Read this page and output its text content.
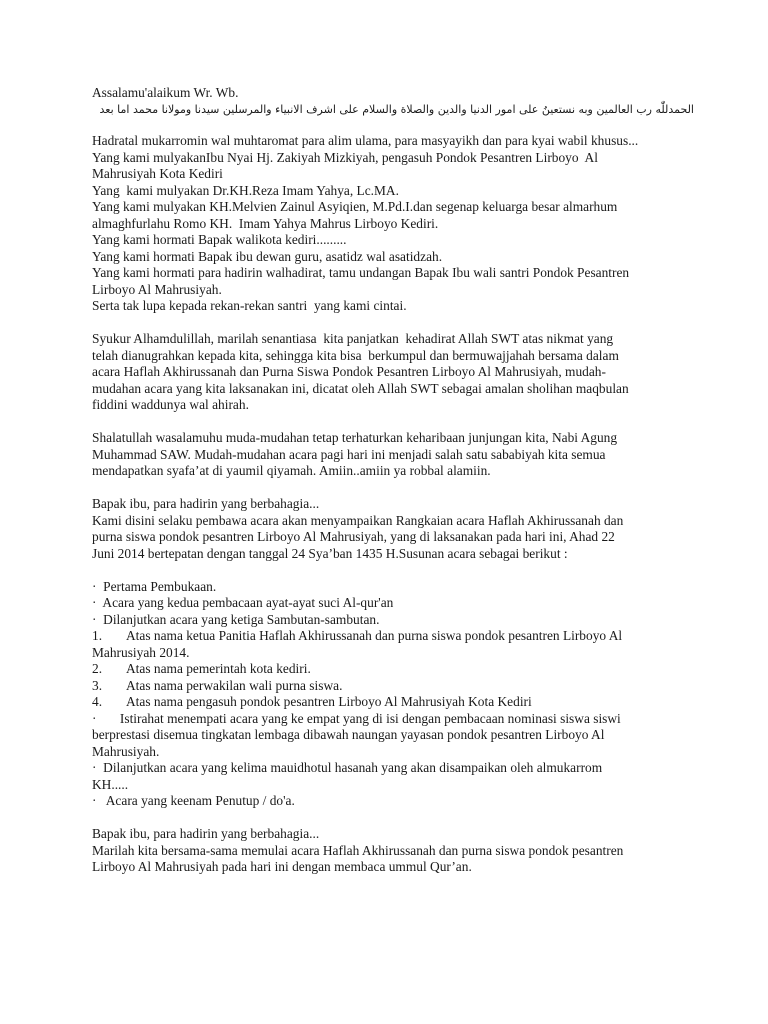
Assalamu'alaikum Wr. Wb.
الحمدللّٰه رب العالمين وبه نستعينُ على امور الدنيا والدين والصلاة والسلام على اشرف الانبياء والمرسلين سيدنا ومولانا محمد اما بعد
Hadratal mukarromin wal muhtaromat para alim ulama, para masyayikh dan para kyai wabil khusus...
Yang kami mulyakanIbu Nyai Hj. Zakiyah Mizkiyah, pengasuh Pondok Pesantren Lirboyo  Al
Mahrusiyah Kota Kediri
Yang  kami mulyakan Dr.KH.Reza Imam Yahya, Lc.MA.
Yang kami mulyakan KH.Melvien Zainul Asyiqien, M.Pd.I.dan segenap keluarga besar almarhum
almaghfurlahu Romo KH.  Imam Yahya Mahrus Lirboyo Kediri.
Yang kami hormati Bapak walikota kediri.........
Yang kami hormati Bapak ibu dewan guru, asatidz wal asatidzah.
Yang kami hormati para hadirin walhadirat, tamu undangan Bapak Ibu wali santri Pondok Pesantren
Lirboyo Al Mahrusiyah.
Serta tak lupa kepada rekan-rekan santri  yang kami cintai.
Syukur Alhamdulillah, marilah senantiasa  kita panjatkan  kehadirat Allah SWT atas nikmat yang
telah dianugrahkan kepada kita, sehingga kita bisa  berkumpul dan bermuwajjahah bersama dalam
acara Haflah Akhirussanah dan Purna Siswa Pondok Pesantren Lirboyo Al Mahrusiyah, mudah-
mudahan acara yang kita laksanakan ini, dicatat oleh Allah SWT sebagai amalan sholihan maqbulan
fiddini waddunya wal ahirah.
Shalatullah wasalamuhu muda-mudahan tetap terhaturkan keharibaan junjungan kita, Nabi Agung
Muhammad SAW. Mudah-mudahan acara pagi hari ini menjadi salah satu sababiyah kita semua
mendapatkan syafa’at di yaumil qiyamah. Amiin..amiin ya robbal alamiin.
Bapak ibu, para hadirin yang berbahagia...
Kami disini selaku pembawa acara akan menyampaikan Rangkaian acara Haflah Akhirussanah dan
purna siswa pondok pesantren Lirboyo Al Mahrusiyah, yang di laksanakan pada hari ini, Ahad 22
Juni 2014 bertepatan dengan tanggal 24 Sya’ban 1435 H.Susunan acara sebagai berikut :
·  Pertama Pembukaan.
·  Acara yang kedua pembacaan ayat-ayat suci Al-qur'an
·  Dilanjutkan acara yang ketiga Sambutan-sambutan.
1. Atas nama ketua Panitia Haflah Akhirussanah dan purna siswa pondok pesantren Lirboyo Al
Mahrusiyah 2014.
2. Atas nama pemerintah kota kediri.
3. Atas nama perwakilan wali purna siswa.
4. Atas nama pengasuh pondok pesantren Lirboyo Al Mahrusiyah Kota Kediri
·       Istirahat menempati acara yang ke empat yang di isi dengan pembacaan nominasi siswa siswi
berprestasi disemua tingkatan lembaga dibawah naungan yayasan pondok pesantren Lirboyo Al
Mahrusiyah.
·  Dilanjutkan acara yang kelima mauidhotul hasanah yang akan disampaikan oleh almukarrom
KH.....
·   Acara yang keenam Penutup / do'a.
Bapak ibu, para hadirin yang berbahagia...
Marilah kita bersama-sama memulai acara Haflah Akhirussanah dan purna siswa pondok pesantren
Lirboyo Al Mahrusiyah pada hari ini dengan membaca ummul Qur’an.
